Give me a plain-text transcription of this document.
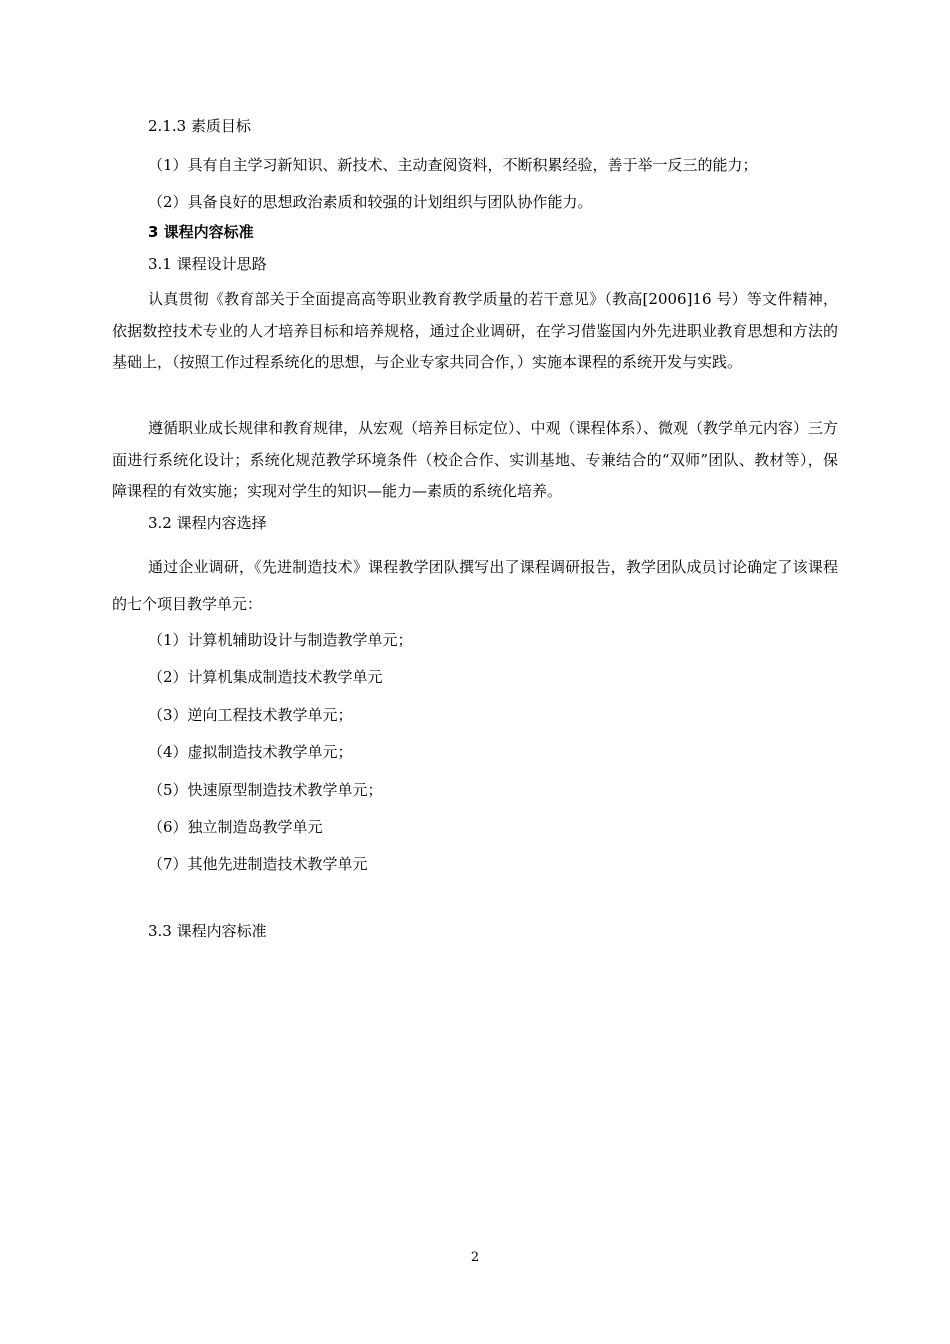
2.1.3 素质目标
（1）具有自主学习新知识、新技术、主动查阅资料，不断积累经验，善于举一反三的能力；
（2）具备良好的思想政治素质和较强的计划组织与团队协作能力。
3 课程内容标准
3.1 课程设计思路
认真贯彻《教育部关于全面提高高等职业教育教学质量的若干意见》（教高[2006]16 号）等文件精神，依据数控技术专业的人才培养目标和培养规格，通过企业调研，在学习借鉴国内外先进职业教育思想和方法的基础上，（按照工作过程系统化的思想，与企业专家共同合作，）实施本课程的系统开发与实践。
遵循职业成长规律和教育规律，从宏观（培养目标定位）、中观（课程体系）、微观（教学单元内容）三方面进行系统化设计；系统化规范教学环境条件（校企合作、实训基地、专兼结合的“双师”团队、教材等），保障课程的有效实施；实现对学生的知识—能力—素质的系统化培养。
3.2 课程内容选择
通过企业调研，《先进制造技术》课程教学团队撰写出了课程调研报告，教学团队成员讨论确定了该课程的七个项目教学单元：
（1）计算机辅助设计与制造教学单元；
（2）计算机集成制造技术教学单元
（3）逆向工程技术教学单元；
（4）虚拟制造技术教学单元；
（5）快速原型制造技术教学单元；
（6）独立制造岛教学单元
（7）其他先进制造技术教学单元
3.3 课程内容标准
2
